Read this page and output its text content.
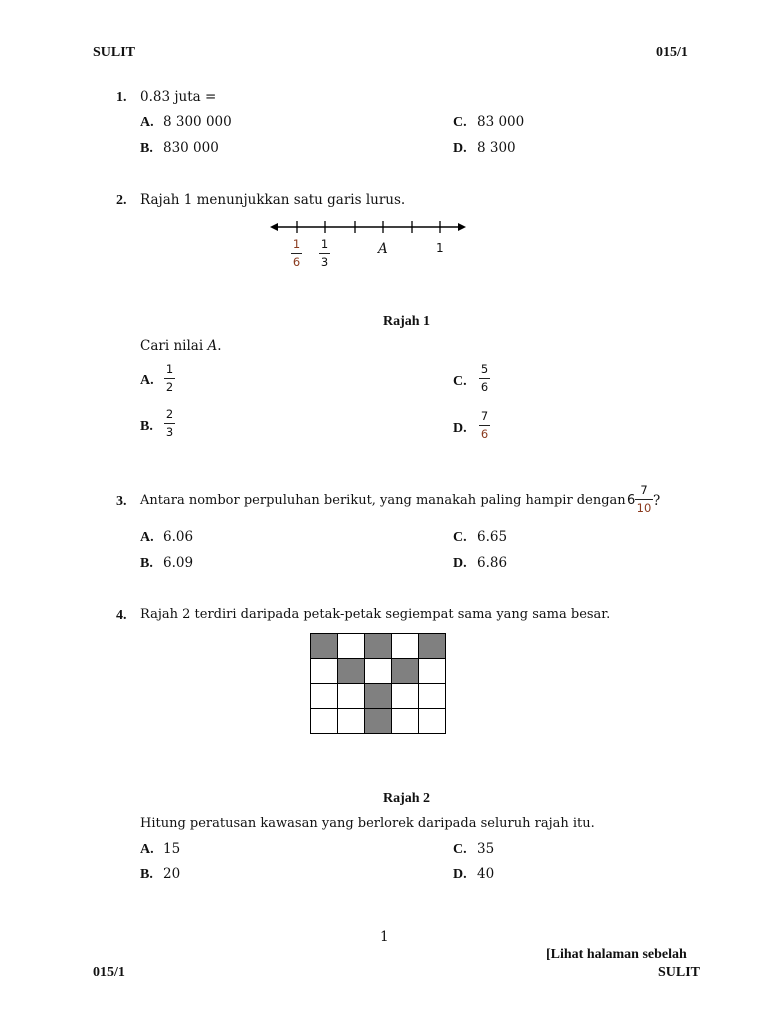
SULIT	015/1
1. 0.83 juta =
A. 8 300 000
B. 830 000
C. 83 000
D. 8 300
2. Rajah 1 menunjukkan satu garis lurus.
1
6
1
3
A	1
Rajah 1
Cari nilai A.
A.
1
2
B.
2
3
C.
5
6
D.
7
6
3. Antara nombor perpuluhan berikut, yang manakah paling hampir dengan 6
7
10 ?
A. 6.06
B. 6.09
C. 6.65
D. 6.86
4. Rajah 2 terdiri daripada petak-petak segiempat sama yang sama besar.

Rajah 2
Hitung peratusan kawasan yang berlorek daripada seluruh rajah itu.
A. 15
B. 20
C. 35
D. 40
1
[Lihat halaman sebelah
015/1	SULIT
